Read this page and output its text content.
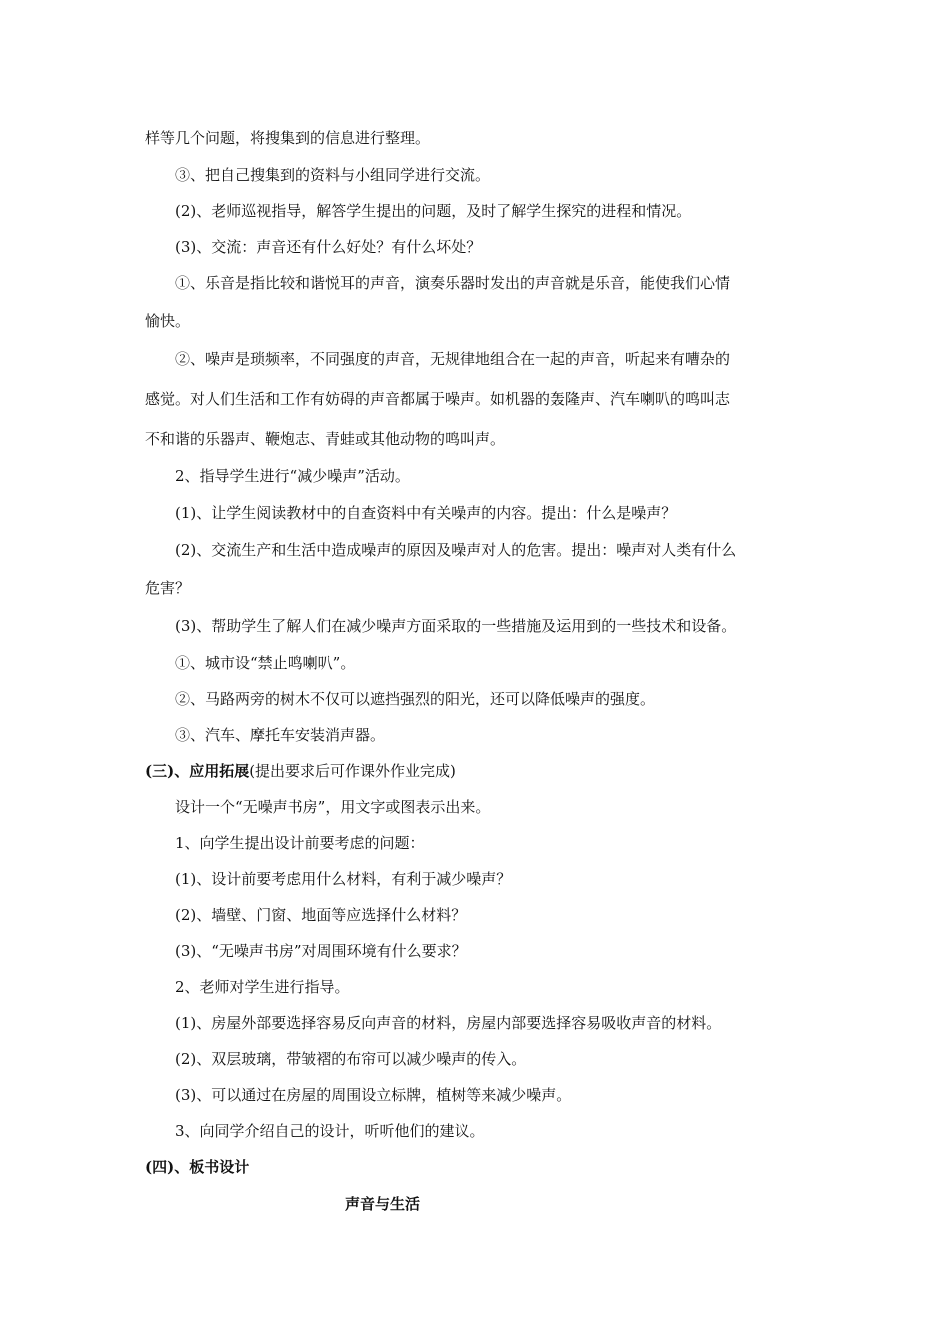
样等几个问题，将搜集到的信息进行整理。
③、把自己搜集到的资料与小组同学进行交流。
(2)、老师巡视指导，解答学生提出的问题，及时了解学生探究的进程和情况。
(3)、交流：声音还有什么好处？有什么坏处？
①、乐音是指比较和谐悦耳的声音，演奏乐器时发出的声音就是乐音，能使我们心情
愉快。
②、噪声是琐频率，不同强度的声音，无规律地组合在一起的声音，听起来有嘈杂的
感觉。对人们生活和工作有妨碍的声音都属于噪声。如机器的轰隆声、汽车喇叭的鸣叫志
不和谐的乐器声、鞭炮志、青蛙或其他动物的鸣叫声。
2、指导学生进行“减少噪声”活动。
(1)、让学生阅读教材中的自查资料中有关噪声的内容。提出：什么是噪声？
(2)、交流生产和生活中造成噪声的原因及噪声对人的危害。提出：噪声对人类有什么
危害？
(3)、帮助学生了解人们在减少噪声方面采取的一些措施及运用到的一些技术和设备。
①、城市设“禁止鸣喇叭”。
②、马路两旁的树木不仅可以遮挡强烈的阳光，还可以降低噪声的强度。
③、汽车、摩托车安装消声器。
(三)、应用拓展(提出要求后可作课外作业完成)
设计一个“无噪声书房”，用文字或图表示出来。
1、向学生提出设计前要考虑的问题：
(1)、设计前要考虑用什么材料，有利于减少噪声？
(2)、墙壁、门窗、地面等应选择什么材料？
(3)、“无噪声书房”对周围环境有什么要求？
2、老师对学生进行指导。
(1)、房屋外部要选择容易反向声音的材料，房屋内部要选择容易吸收声音的材料。
(2)、双层玻璃，带皱褶的布帘可以减少噪声的传入。
(3)、可以通过在房屋的周围设立标牌，植树等来减少噪声。
3、向同学介绍自己的设计，听听他们的建议。
(四)、板书设计
声音与生活
